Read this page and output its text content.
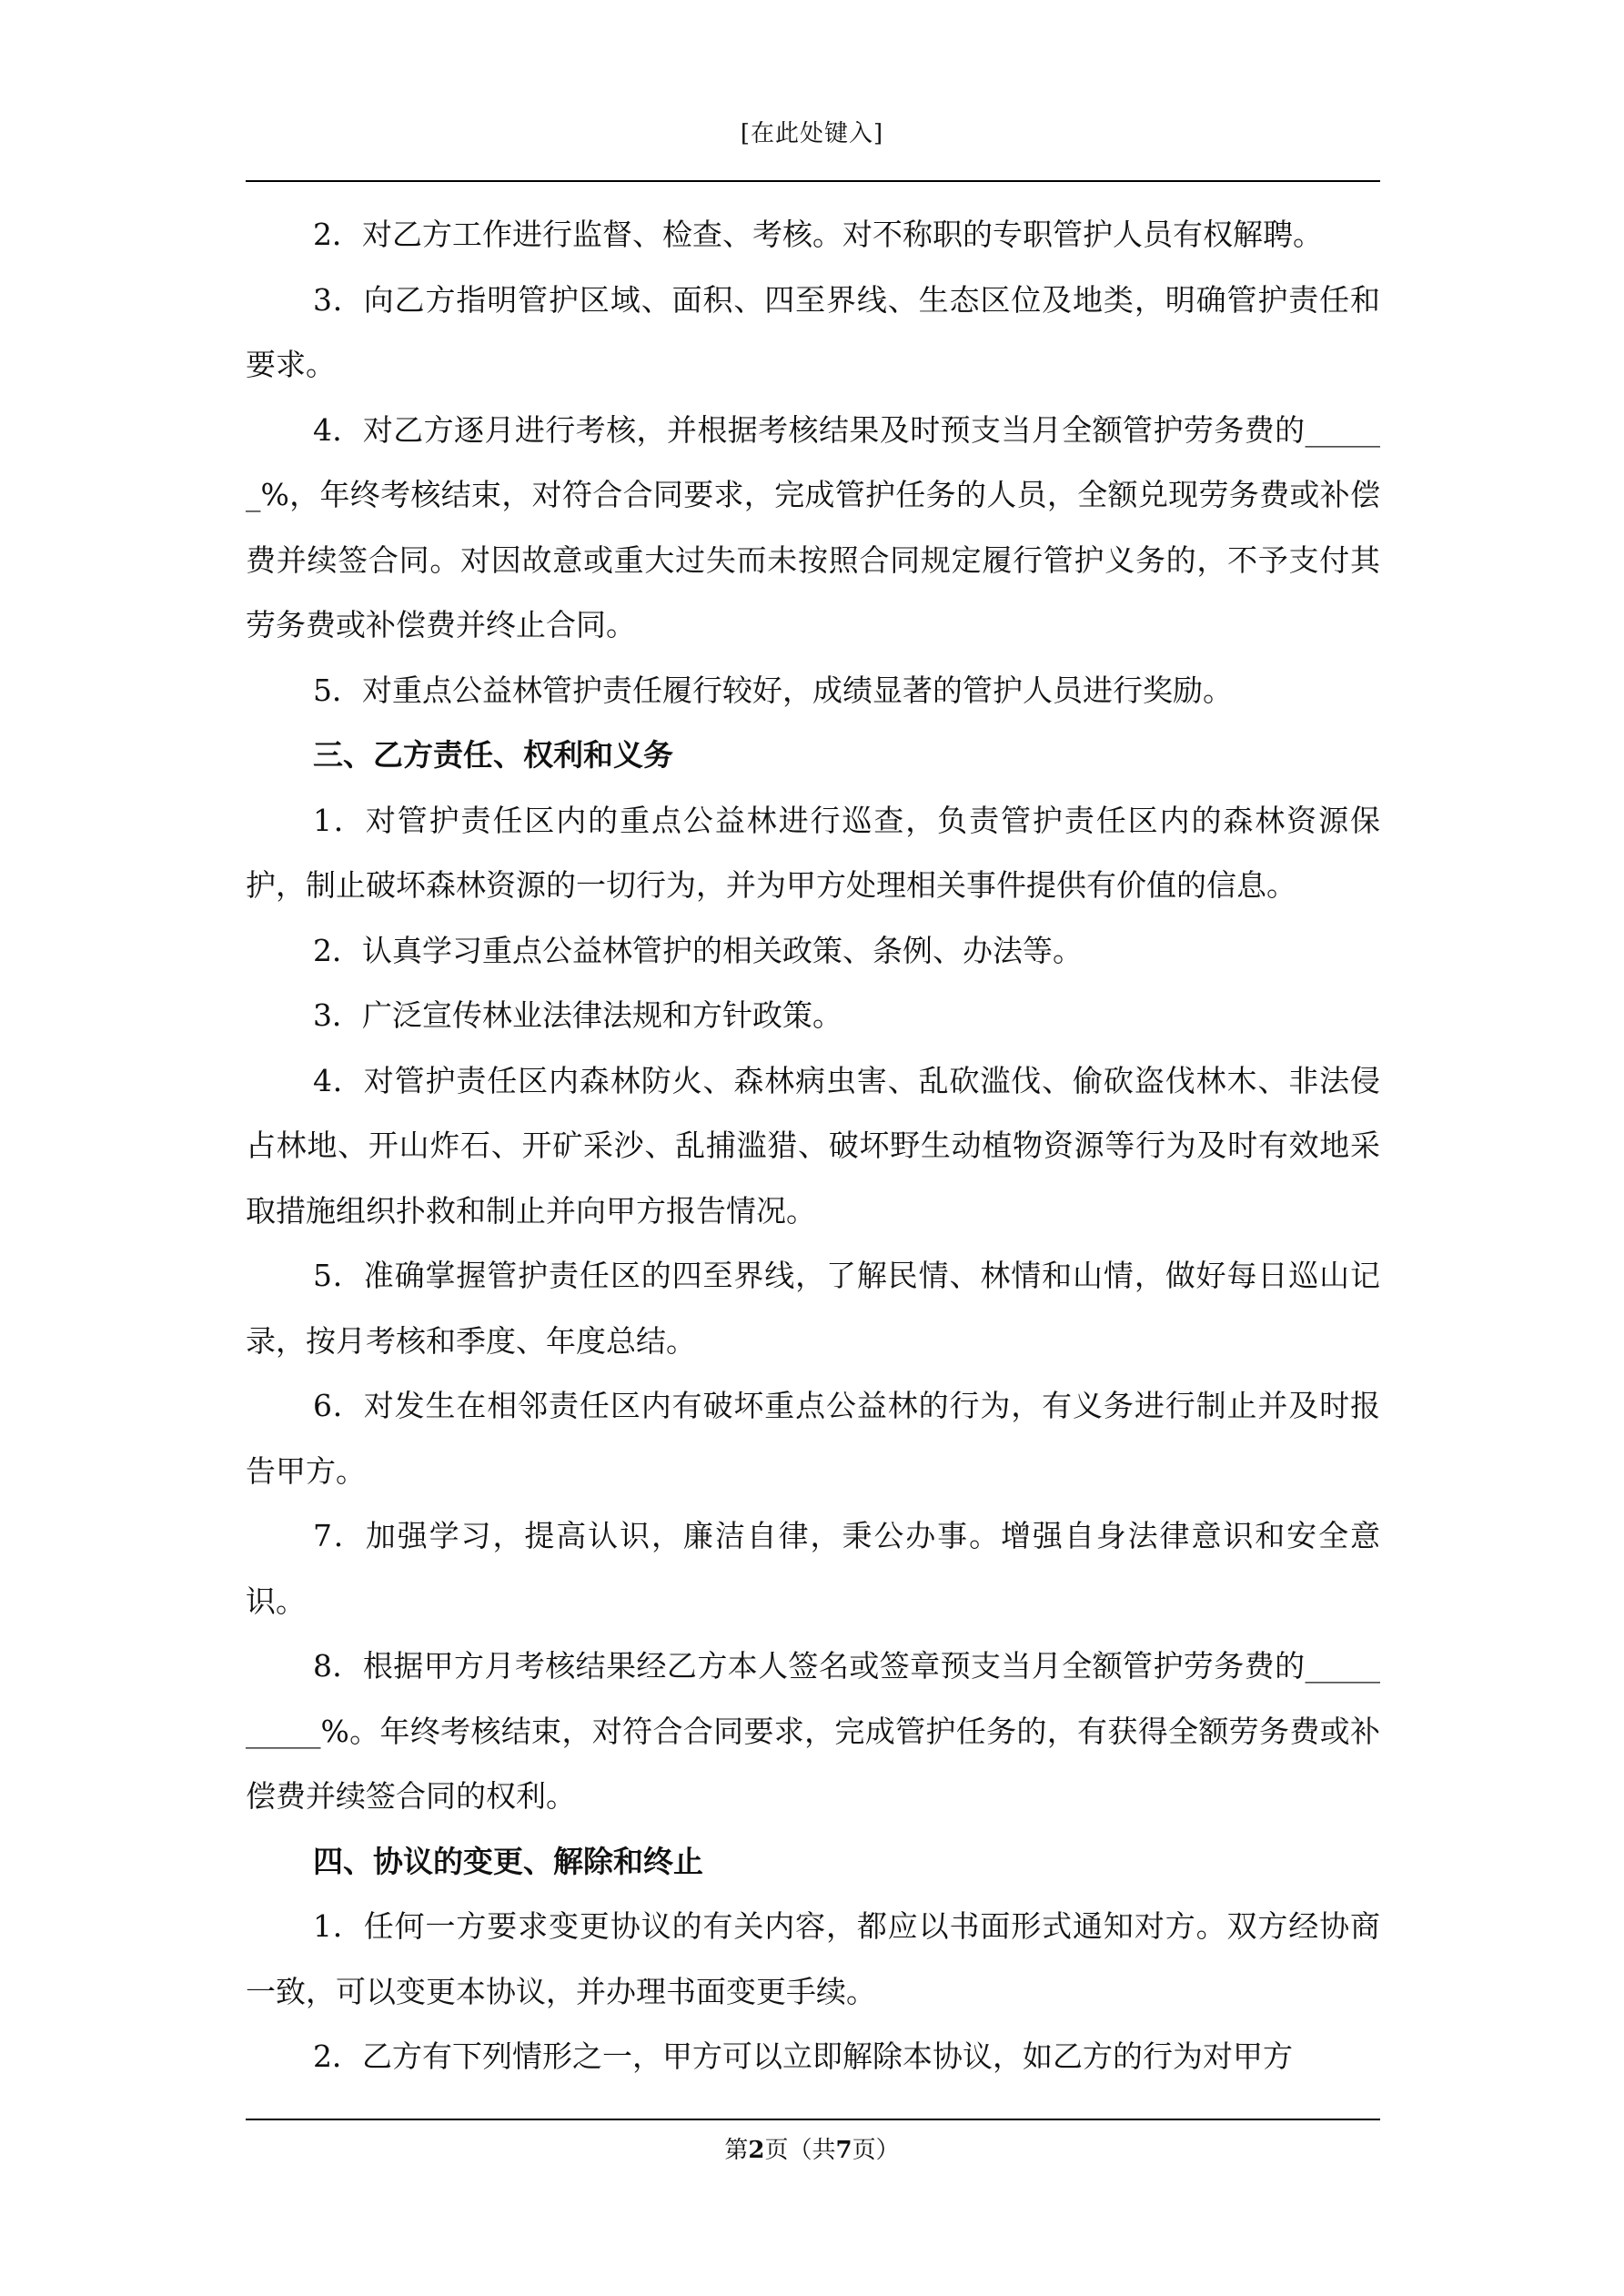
[在此处键入]

2．对乙方工作进行监督、检查、考核。对不称职的专职管护人员有权解聘。

3．向乙方指明管护区域、面积、四至界线、生态区位及地类，明确管护责任和要求。

4．对乙方逐月进行考核，并根据考核结果及时预支当月全额管护劳务费的______%，年终考核结束，对符合合同要求，完成管护任务的人员，全额兑现劳务费或补偿费并续签合同。对因故意或重大过失而未按照合同规定履行管护义务的，不予支付其劳务费或补偿费并终止合同。

5．对重点公益林管护责任履行较好，成绩显著的管护人员进行奖励。

三、乙方责任、权利和义务

1．对管护责任区内的重点公益林进行巡查，负责管护责任区内的森林资源保护，制止破坏森林资源的一切行为，并为甲方处理相关事件提供有价值的信息。

2．认真学习重点公益林管护的相关政策、条例、办法等。

3．广泛宣传林业法律法规和方针政策。

4．对管护责任区内森林防火、森林病虫害、乱砍滥伐、偷砍盗伐林木、非法侵占林地、开山炸石、开矿采沙、乱捕滥猎、破坏野生动植物资源等行为及时有效地采取措施组织扑救和制止并向甲方报告情况。

5．准确掌握管护责任区的四至界线，了解民情、林情和山情，做好每日巡山记录，按月考核和季度、年度总结。

6．对发生在相邻责任区内有破坏重点公益林的行为，有义务进行制止并及时报告甲方。

7．加强学习，提高认识，廉洁自律，秉公办事。增强自身法律意识和安全意识。

8．根据甲方月考核结果经乙方本人签名或签章预支当月全额管护劳务费的__________%。年终考核结束，对符合合同要求，完成管护任务的，有获得全额劳务费或补偿费并续签合同的权利。

四、协议的变更、解除和终止

1．任何一方要求变更协议的有关内容，都应以书面形式通知对方。双方经协商一致，可以变更本协议，并办理书面变更手续。

2．乙方有下列情形之一，甲方可以立即解除本协议，如乙方的行为对甲方

第2页（共7页）
